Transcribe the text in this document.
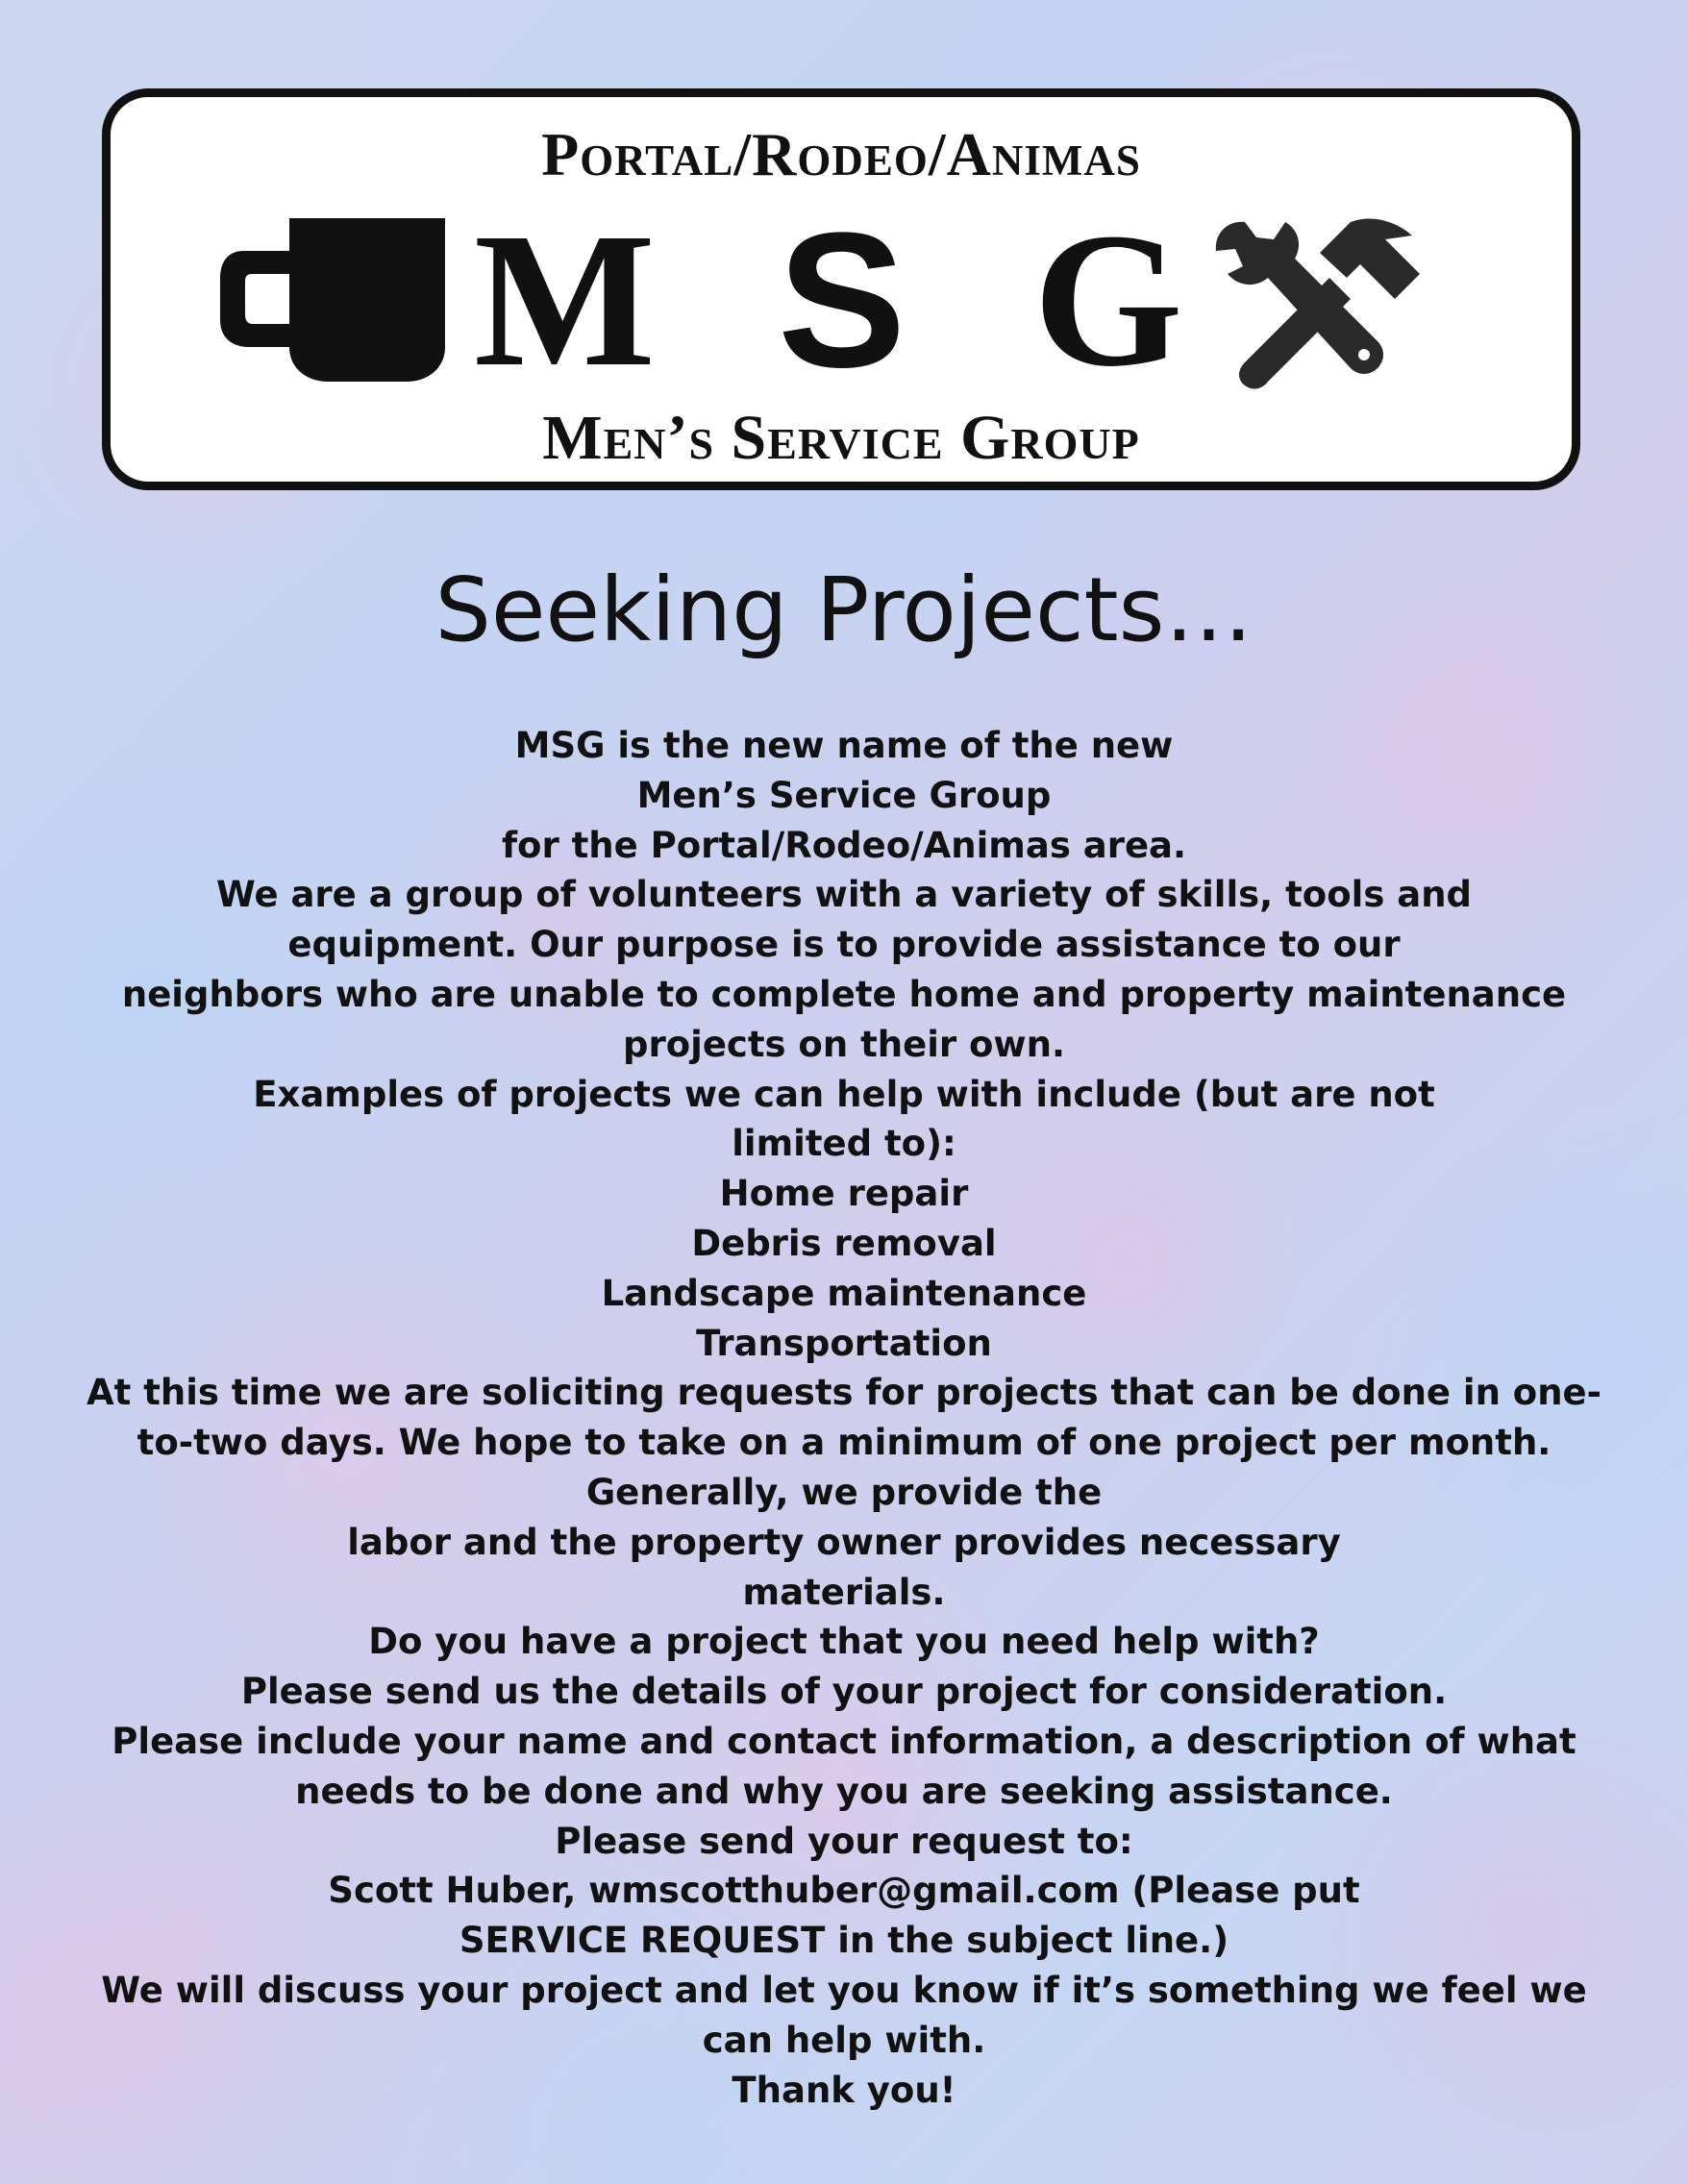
Portal/Rodeo/Animas
M S G
Men’s Service Group
Seeking Projects…
MSG is the new name of the new
Men’s Service Group
for the Portal/Rodeo/Animas area.
We are a group of volunteers with a variety of skills, tools and
equipment. Our purpose is to provide assistance to our
neighbors who are unable to complete home and property maintenance
projects on their own.
Examples of projects we can help with include (but are not
limited to):
Home repair
Debris removal
Landscape maintenance
Transportation
At this time we are soliciting requests for projects that can be done in one-
to-two days. We hope to take on a minimum of one project per month.
Generally, we provide the
labor and the property owner provides necessary
materials.
Do you have a project that you need help with?
Please send us the details of your project for consideration.
Please include your name and contact information, a description of what
needs to be done and why you are seeking assistance.
Please send your request to:
Scott Huber, wmscotthuber@gmail.com (Please put
SERVICE REQUEST in the subject line.)
We will discuss your project and let you know if it’s something we feel we
can help with.
Thank you!
